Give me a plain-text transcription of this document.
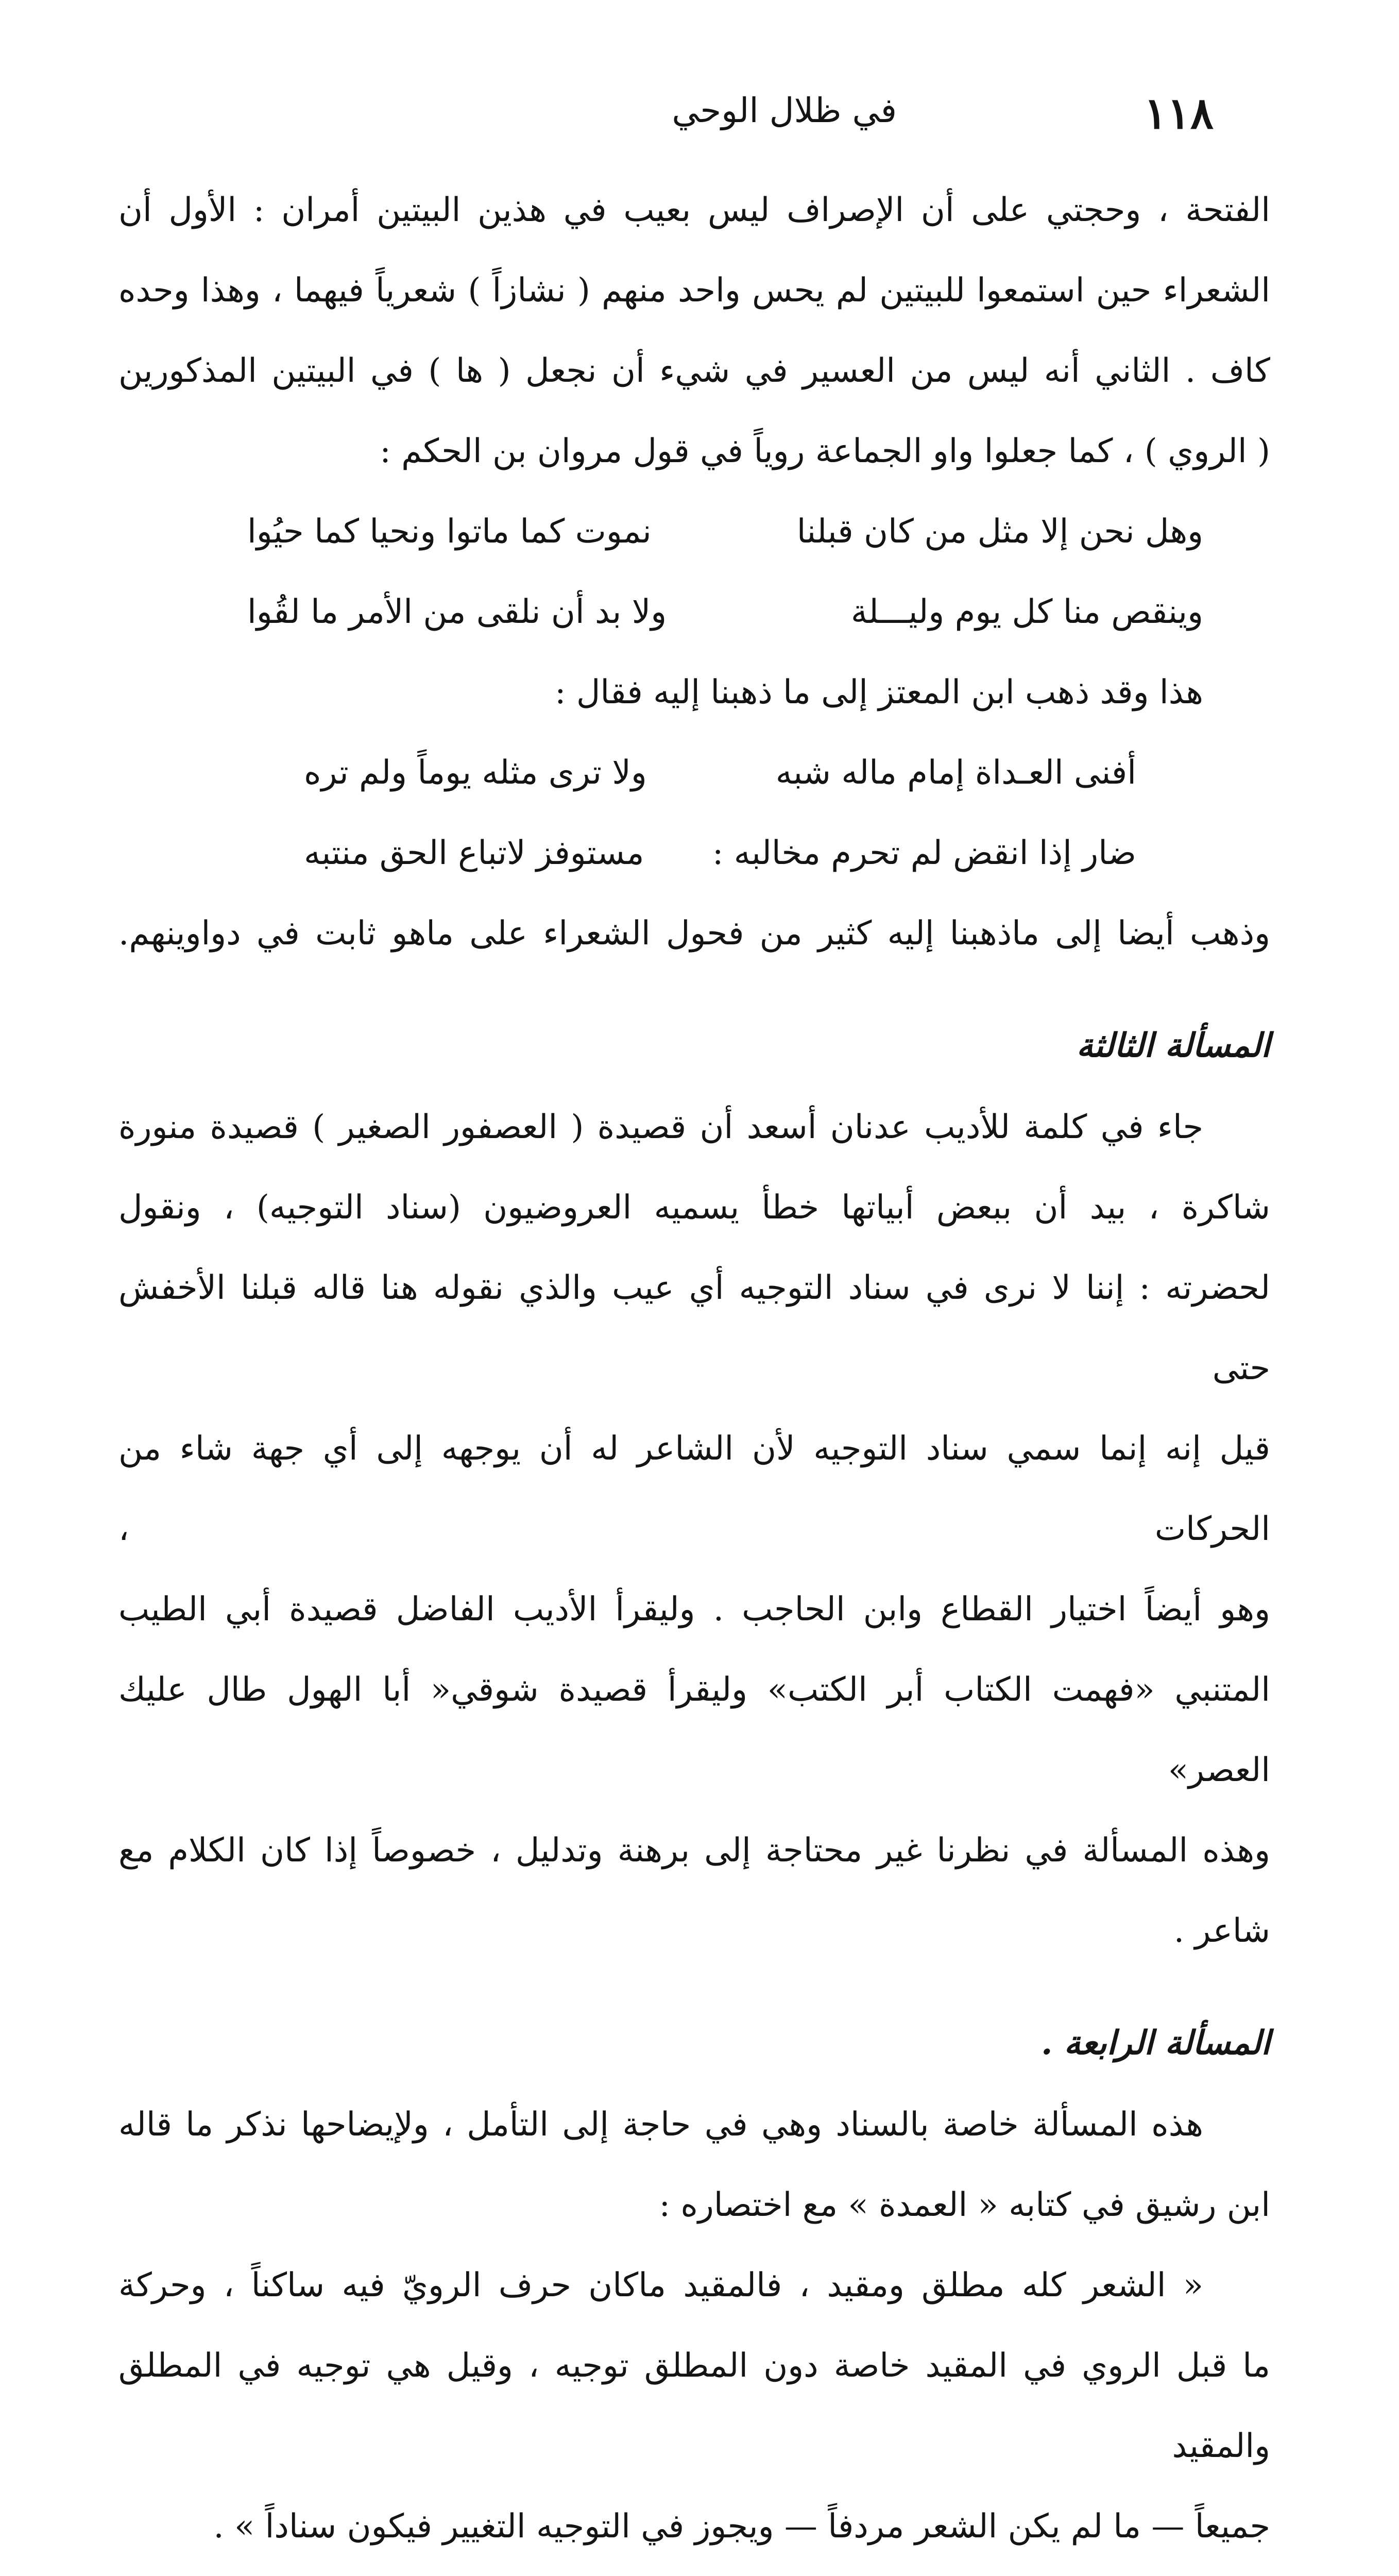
١١٨
في ظلال الوحي
الفتحة ، وحجتي على أن الإصراف ليس بعيب في هذين البيتين أمران : الأول أن
الشعراء حين استمعوا للبيتين لم يحس واحد منهم ( نشازاً ) شعرياً فيهما ، وهذا وحده
كاف . الثاني أنه ليس من العسير في شيء أن نجعل ( ها ) في البيتين المذكورين
( الروي ) ، كما جعلوا واو الجماعة روياً في قول مروان بن الحكم :
وهل نحن إلا مثل من كان قبلنا
نموت كما ماتوا ونحيا كما حيُوا
وينقص منا كل يوم وليـــلة
ولا بد أن نلقى من الأمر ما لقُوا
هذا وقد ذهب ابن المعتز إلى ما ذهبنا إليه فقال :
أفنى العـداة إمام ماله شبه
ولا ترى مثله يوماً ولم تره
ضار إذا انقض لم تحرم مخالبه :
مستوفز لاتباع الحق منتبه
وذهب أيضا إلى ماذهبنا إليه كثير من فحول الشعراء على ماهو ثابت في دواوينهم.
المسألة الثالثة
جاء في كلمة للأديب عدنان أسعد أن قصيدة ( العصفور الصغير ) قصيدة منورة
شاكرة ، بيد أن ببعض أبياتها خطأ يسميه العروضيون (سناد التوجيه) ، ونقول
لحضرته : إننا لا نرى في سناد التوجيه أي عيب والذي نقوله هنا قاله قبلنا الأخفش حتى
قيل إنه إنما سمي سناد التوجيه لأن الشاعر له أن يوجهه إلى أي جهة شاء من الحركات ،
وهو أيضاً اختيار القطاع وابن الحاجب . وليقرأ الأديب الفاضل قصيدة أبي الطيب
المتنبي «فهمت الكتاب أبر الكتب» وليقرأ قصيدة شوقي« أبا الهول طال عليك العصر»
وهذه المسألة في نظرنا غير محتاجة إلى برهنة وتدليل ، خصوصاً إذا كان الكلام مع شاعر .
المسألة الرابعة .
هذه المسألة خاصة بالسناد وهي في حاجة إلى التأمل ، ولإيضاحها نذكر ما قاله
ابن رشيق في كتابه « العمدة » مع اختصاره :
« الشعر كله مطلق ومقيد ، فالمقيد ماكان حرف الرويّ فيه ساكناً ، وحركة
ما قبل الروي في المقيد خاصة دون المطلق توجيه ، وقيل هي توجيه في المطلق والمقيد
جميعاً — ما لم يكن الشعر مردفاً — ويجوز في التوجيه التغيير فيكون سناداً » .
